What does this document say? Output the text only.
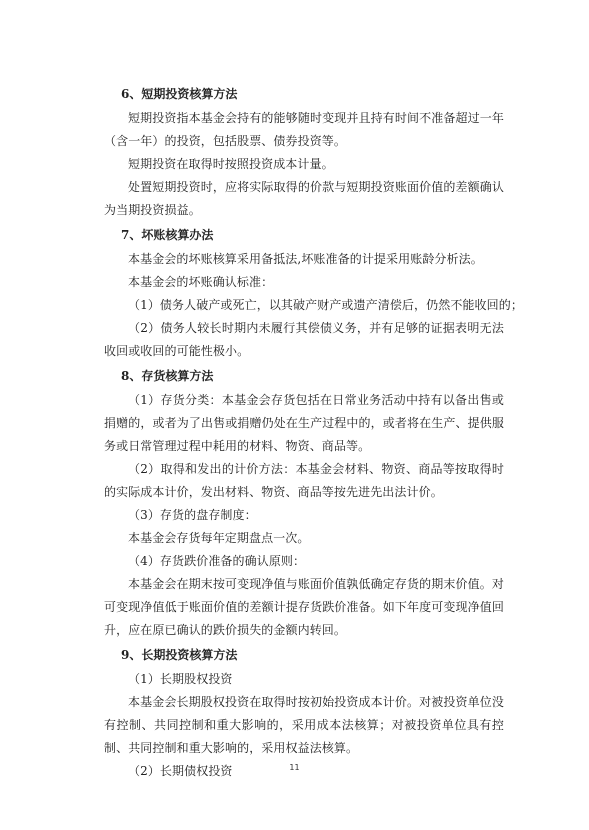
6、短期投资核算方法

短期投资指本基金会持有的能够随时变现并且持有时间不准备超过一年（含一年）的投资，包括股票、债券投资等。

短期投资在取得时按照投资成本计量。

处置短期投资时，应将实际取得的价款与短期投资账面价值的差额确认为当期投资损益。

7、坏账核算办法

本基金会的坏账核算采用备抵法,坏账准备的计提采用账龄分析法。

本基金会的坏账确认标准：

（1）债务人破产或死亡，以其破产财产或遗产清偿后，仍然不能收回的；

（2）债务人较长时期内未履行其偿债义务，并有足够的证据表明无法收回或收回的可能性极小。

8、存货核算方法

（1）存货分类：本基金会存货包括在日常业务活动中持有以备出售或捐赠的，或者为了出售或捐赠仍处在生产过程中的，或者将在生产、提供服务或日常管理过程中耗用的材料、物资、商品等。

（2）取得和发出的计价方法：本基金会材料、物资、商品等按取得时的实际成本计价，发出材料、物资、商品等按先进先出法计价。

（3）存货的盘存制度：

本基金会存货每年定期盘点一次。

（4）存货跌价准备的确认原则：

本基金会在期末按可变现净值与账面价值孰低确定存货的期末价值。对可变现净值低于账面价值的差额计提存货跌价准备。如下年度可变现净值回升，应在原已确认的跌价损失的金额内转回。

9、长期投资核算方法

（1）长期股权投资

本基金会长期股权投资在取得时按初始投资成本计价。对被投资单位没有控制、共同控制和重大影响的，采用成本法核算；对被投资单位具有控制、共同控制和重大影响的，采用权益法核算。

（2）长期债权投资	11
